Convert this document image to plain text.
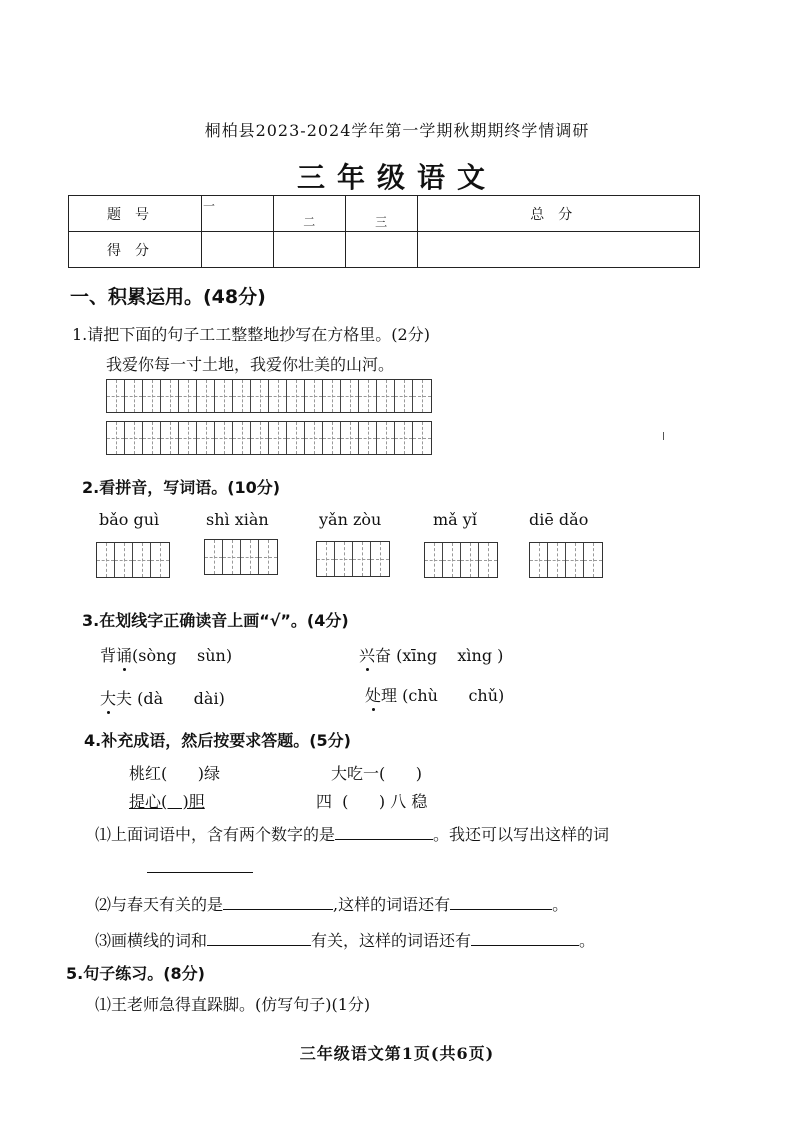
桐柏县2023-2024学年第一学期秋期期终学情调研
三年级语文
题号	一	二	三	总分
得分				
一、积累运用。(48分)
1.请把下面的句子工工整整地抄写在方格里。(2分)
我爱你每一寸土地，我爱你壮美的山河。
2.看拼音，写词语。(10分)
bǎo guì	shì xiàn	yǎn zòu	mǎ yǐ	diē dǎo
3.在划线字正确读音上画“√”。(4分)
背诵(sòng    sùn)	兴奋 (xīng    xìng )
大夫 (dà      dài)	处理 (chù      chǔ)
4.补充成语，然后按要求答题。(5分)
桃红(      )绿	大吃一(      )
提心(   )胆	四  (      ) 八 稳
⑴上面词语中，含有两个数字的是	。我还可以写出这样的词
⑵与春天有关的是	,这样的词语还有	。
⑶画横线的词和	有关，这样的词语还有	。
5.句子练习。(8分)
⑴王老师急得直跺脚。(仿写句子)(1分)
三年级语文第1页(共6页)
